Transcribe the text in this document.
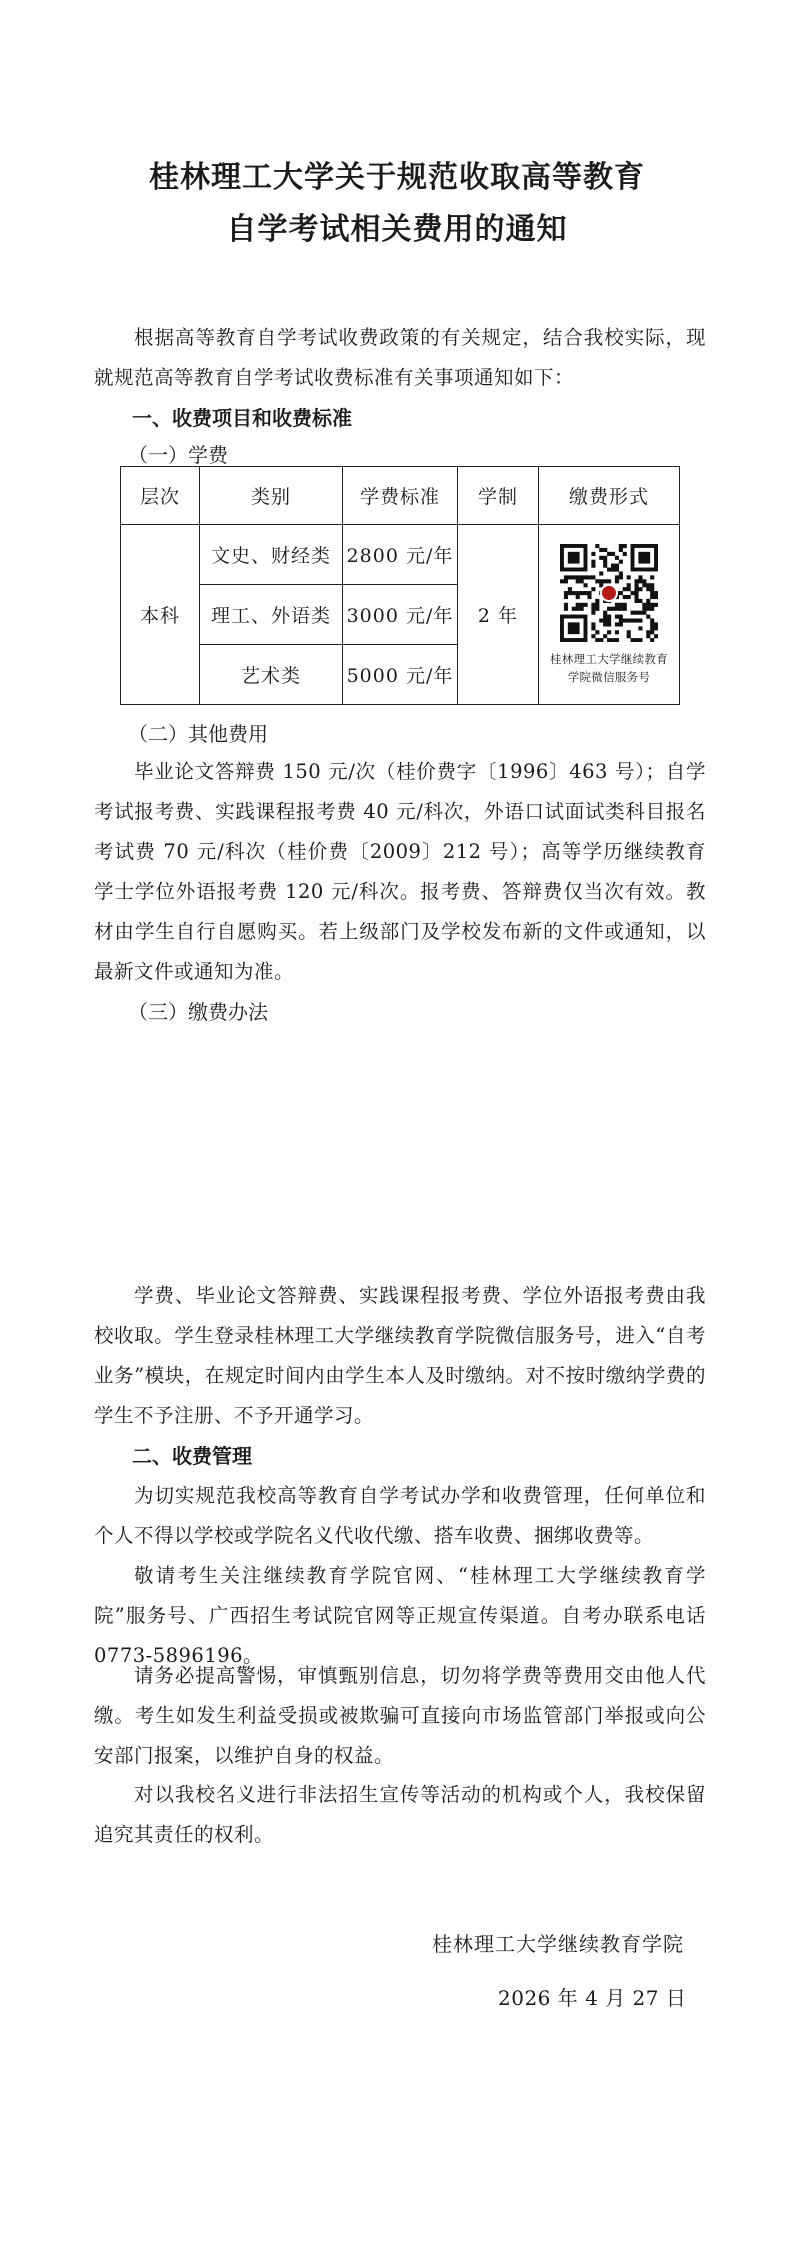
桂林理工大学关于规范收取高等教育
自学考试相关费用的通知

根据高等教育自学考试收费政策的有关规定，结合我校实际，现就规范高等教育自学考试收费标准有关事项通知如下：

一、收费项目和收费标准
（一）学费
层次	类别	学费标准	学制	缴费形式
本科	文史、财经类	2800 元/年	2 年	桂林理工大学继续教育
学院微信服务号

	理工、外语类	3000 元/年		
	艺术类	5000 元/年		
（二）其他费用

毕业论文答辩费 150 元/次（桂价费字〔1996〕463 号）；自学考试报考费、实践课程报考费 40 元/科次，外语口试面试类科目报名考试费 70 元/科次（桂价费〔2009〕212 号）；高等学历继续教育学士学位外语报考费 120 元/科次。报考费、答辩费仅当次有效。教材由学生自行自愿购买。若上级部门及学校发布新的文件或通知，以最新文件或通知为准。

（三）缴费办法

学费、毕业论文答辩费、实践课程报考费、学位外语报考费由我校收取。学生登录桂林理工大学继续教育学院微信服务号，进入“自考业务”模块，在规定时间内由学生本人及时缴纳。对不按时缴纳学费的学生不予注册、不予开通学习。

二、收费管理

为切实规范我校高等教育自学考试办学和收费管理，任何单位和个人不得以学校或学院名义代收代缴、搭车收费、捆绑收费等。

敬请考生关注继续教育学院官网、“桂林理工大学继续教育学院”服务号、广西招生考试院官网等正规宣传渠道。自考办联系电话 0773-5896196。

请务必提高警惕，审慎甄别信息，切勿将学费等费用交由他人代缴。考生如发生利益受损或被欺骗可直接向市场监管部门举报或向公安部门报案，以维护自身的权益。

对以我校名义进行非法招生宣传等活动的机构或个人，我校保留追究其责任的权利。

桂林理工大学继续教育学院
2026 年 4 月 27 日
